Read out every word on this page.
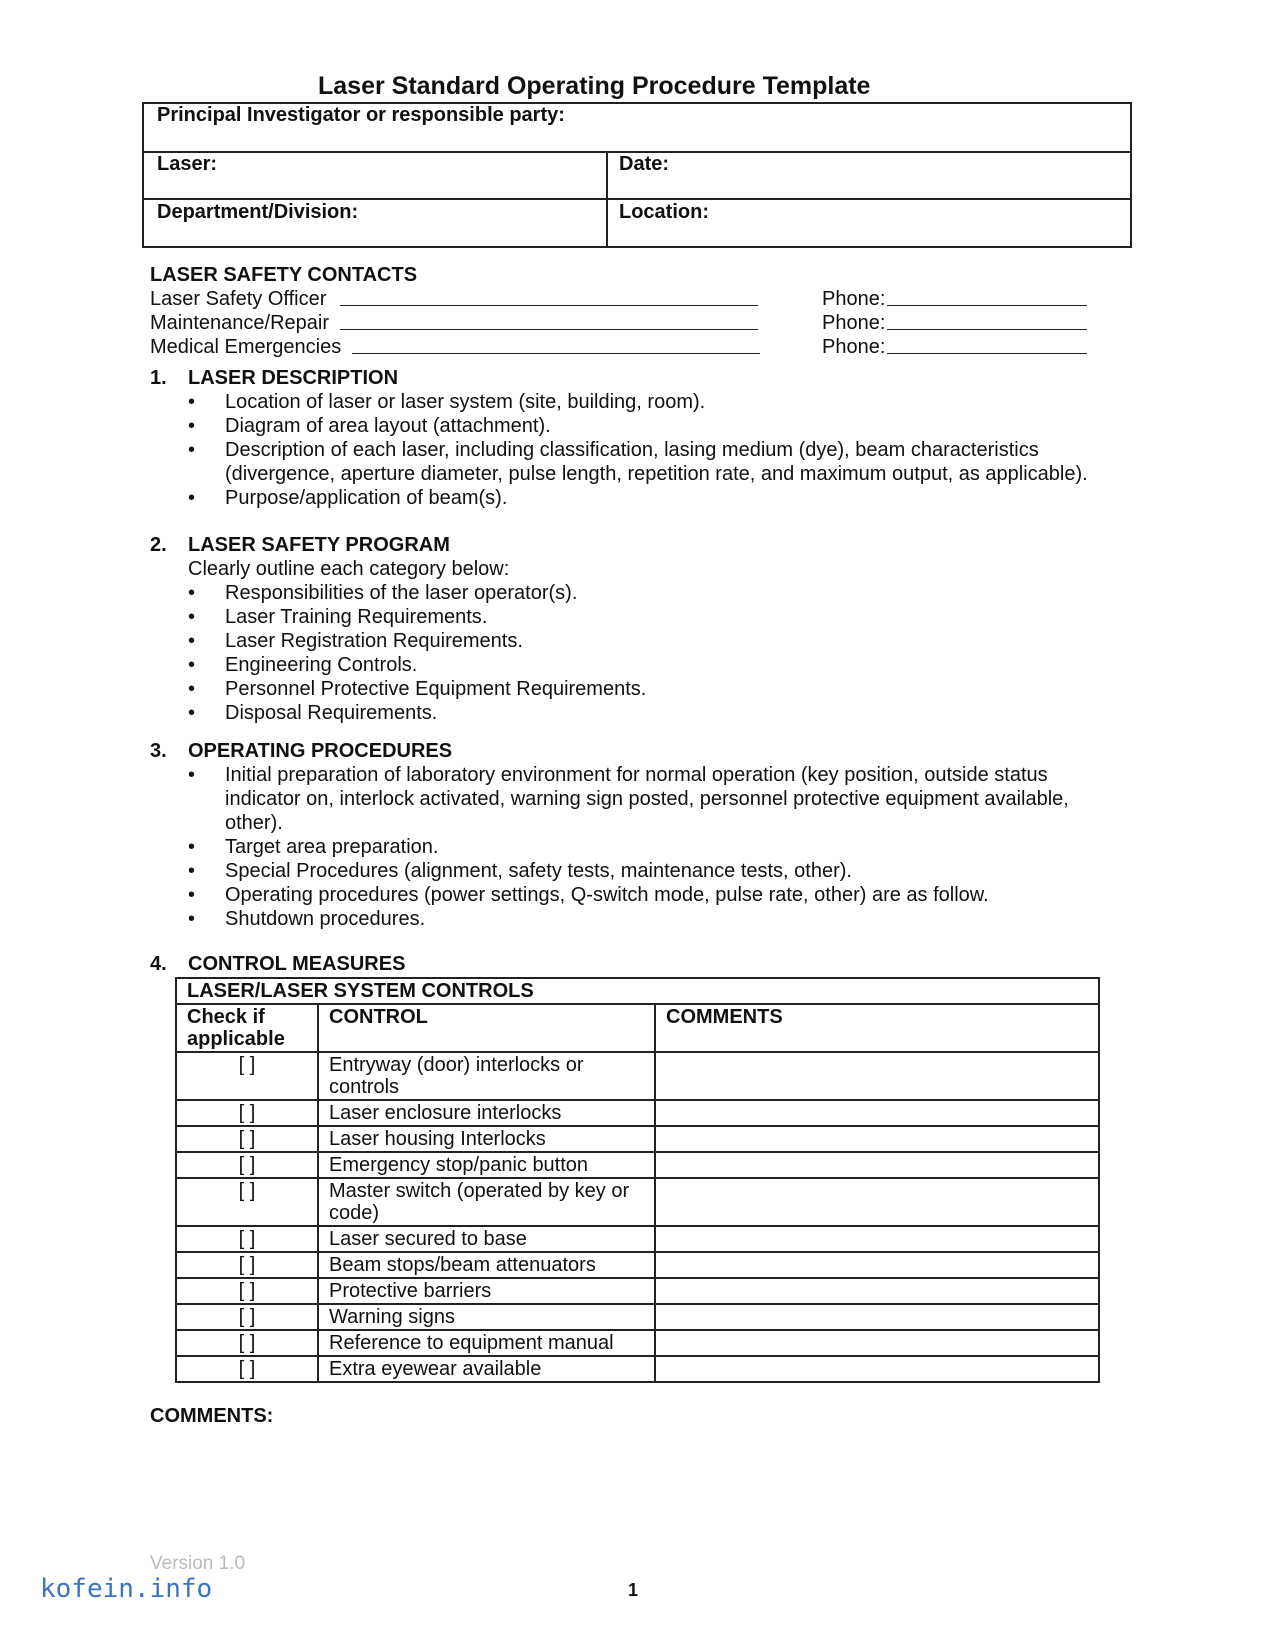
Laser Standard Operating Procedure Template
Principal Investigator or responsible party:
Laser:	Date:
Department/Division:	Location:
LASER SAFETY CONTACTS
Laser Safety Officer	Phone:
Maintenance/Repair	Phone:
Medical Emergencies	Phone:
1. LASER DESCRIPTION
• Location of laser or laser system (site, building, room).
• Diagram of area layout (attachment).
• Description of each laser, including classification, lasing medium (dye), beam characteristics (divergence, aperture diameter, pulse length, repetition rate, and maximum output, as applicable).
• Purpose/application of beam(s).
2. LASER SAFETY PROGRAM
Clearly outline each category below:
• Responsibilities of the laser operator(s).
• Laser Training Requirements.
• Laser Registration Requirements.
• Engineering Controls.
• Personnel Protective Equipment Requirements.
• Disposal Requirements.
3. OPERATING PROCEDURES
• Initial preparation of laboratory environment for normal operation (key position, outside status indicator on, interlock activated, warning sign posted, personnel protective equipment available, other).
• Target area preparation.
• Special Procedures (alignment, safety tests, maintenance tests, other).
• Operating procedures (power settings, Q-switch mode, pulse rate, other) are as follow.
• Shutdown procedures.
4. CONTROL MEASURES
LASER/LASER SYSTEM CONTROLS		
Check if applicable	CONTROL	COMMENTS
[ ]	Entryway (door) interlocks or controls	
[ ]	Laser enclosure interlocks	
[ ]	Laser housing Interlocks	
[ ]	Emergency stop/panic button	
[ ]	Master switch (operated by key or code)	
[ ]	Laser secured to base	
[ ]	Beam stops/beam attenuators	
[ ]	Protective barriers	
[ ]	Warning signs	
[ ]	Reference to equipment manual	
[ ]	Extra eyewear available	
COMMENTS:
Version 1.0
kofein.info	1
